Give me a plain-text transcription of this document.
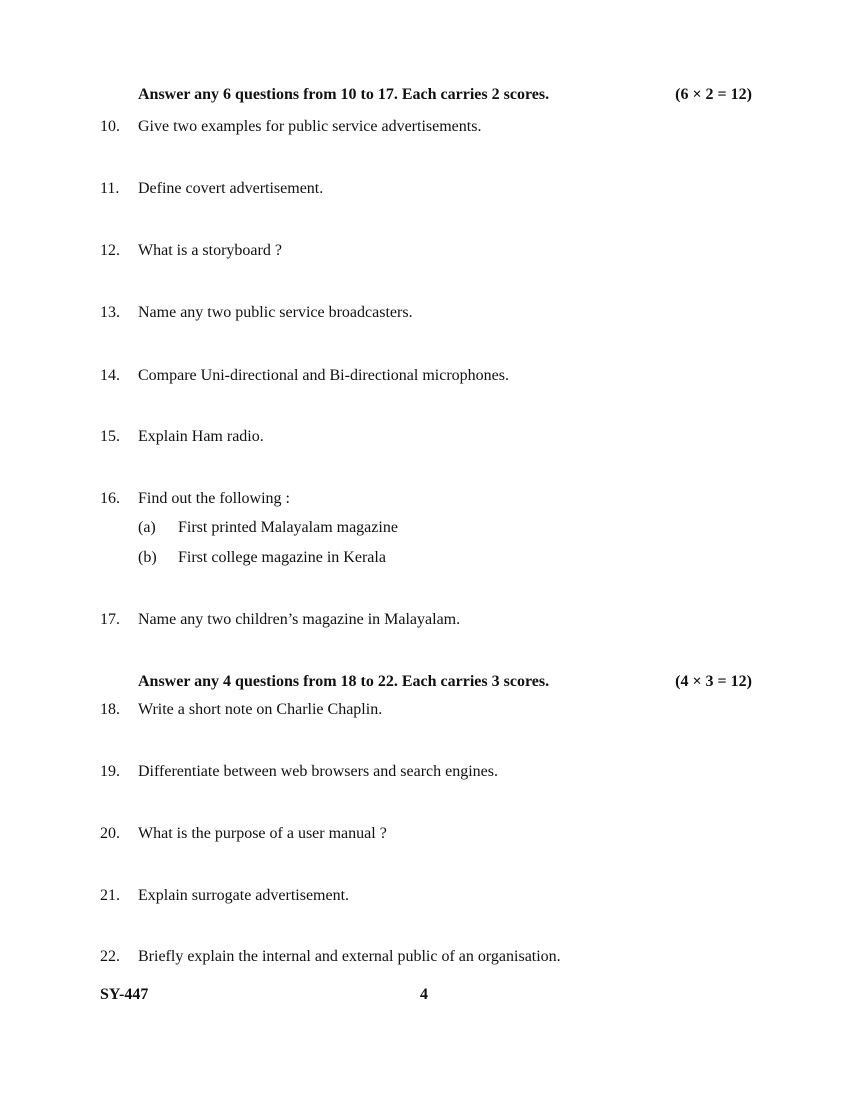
Answer any 6 questions from 10 to 17. Each carries 2 scores.	(6 × 2 = 12)
10. Give two examples for public service advertisements.
11. Define covert advertisement.
12. What is a storyboard ?
13. Name any two public service broadcasters.
14. Compare Uni-directional and Bi-directional microphones.
15. Explain Ham radio.
16. Find out the following :
(a) First printed Malayalam magazine
(b) First college magazine in Kerala
17. Name any two children’s magazine in Malayalam.
Answer any 4 questions from 18 to 22. Each carries 3 scores.	(4 × 3 = 12)
18. Write a short note on Charlie Chaplin.
19. Differentiate between web browsers and search engines.
20. What is the purpose of a user manual ?
21. Explain surrogate advertisement.
22. Briefly explain the internal and external public of an organisation.
SY-447	4
